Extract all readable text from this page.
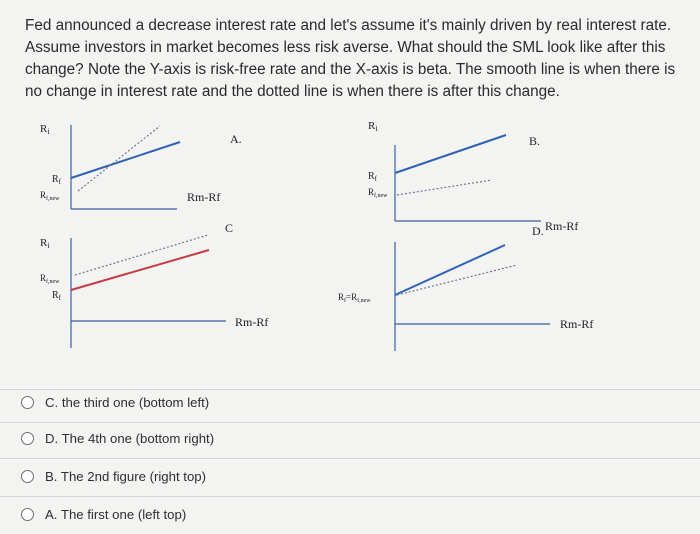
Fed announced a decrease interest rate and let's assume it's mainly driven by real interest rate. Assume investors in market becomes less risk averse. What should the SML look like after this change? Note the Y-axis is risk-free rate and the X-axis is beta. The smooth line is when there is no change in interest rate and the dotted line is when there is after this change.

Ri
A.
$R_f$
$R_{f,new}$	Rm-Rf
Ri
B.
$R_f$
$R_{f,new}$
Rm-Rf
C
Ri
$R_{f,new}$
$R_f$
Rm-Rf
D.
$R_f=R_{f,new}$
Rm-Rf
C. the third one (bottom left)
D. The 4th one (bottom right)
B. The 2nd figure (right top)
A. The first one (left top)
